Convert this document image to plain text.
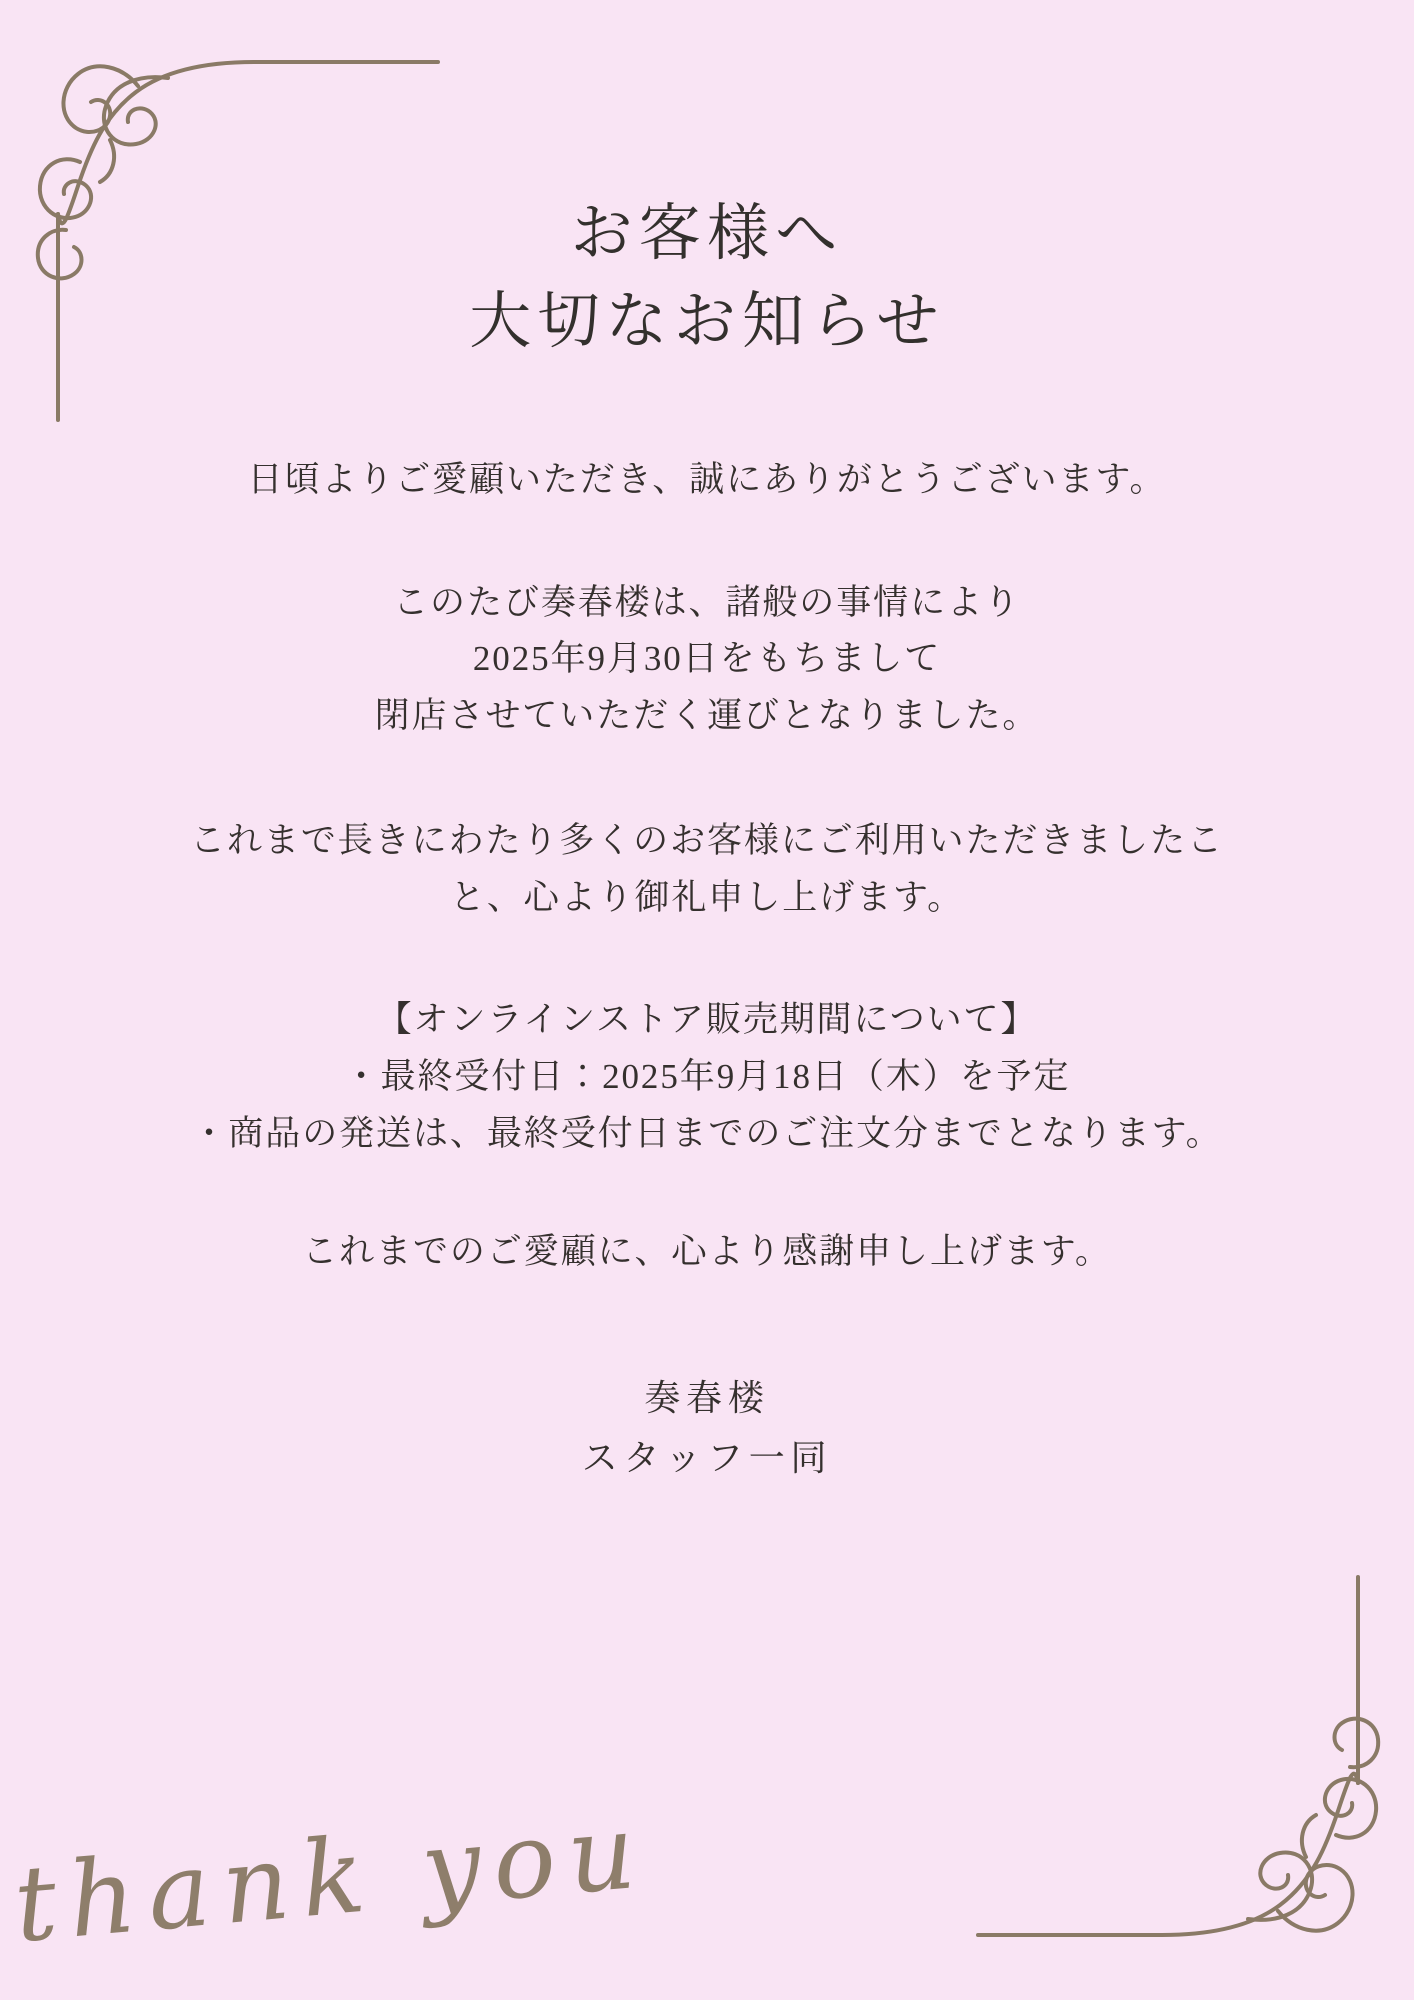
お客様へ
大切なお知らせ

日頃よりご愛顧いただき、誠にありがとうございます。

このたび奏春楼は、諸般の事情により
2025年9月30日をもちまして
閉店させていただく運びとなりました。

これまで長きにわたり多くのお客様にご利用いただきましたこ
と、心より御礼申し上げます。

【オンラインストア販売期間について】
・最終受付日：2025年9月18日（木）を予定
・商品の発送は、最終受付日までのご注文分までとなります。

これまでのご愛顧に、心より感謝申し上げます。

奏春楼
スタッフ一同
thank you
